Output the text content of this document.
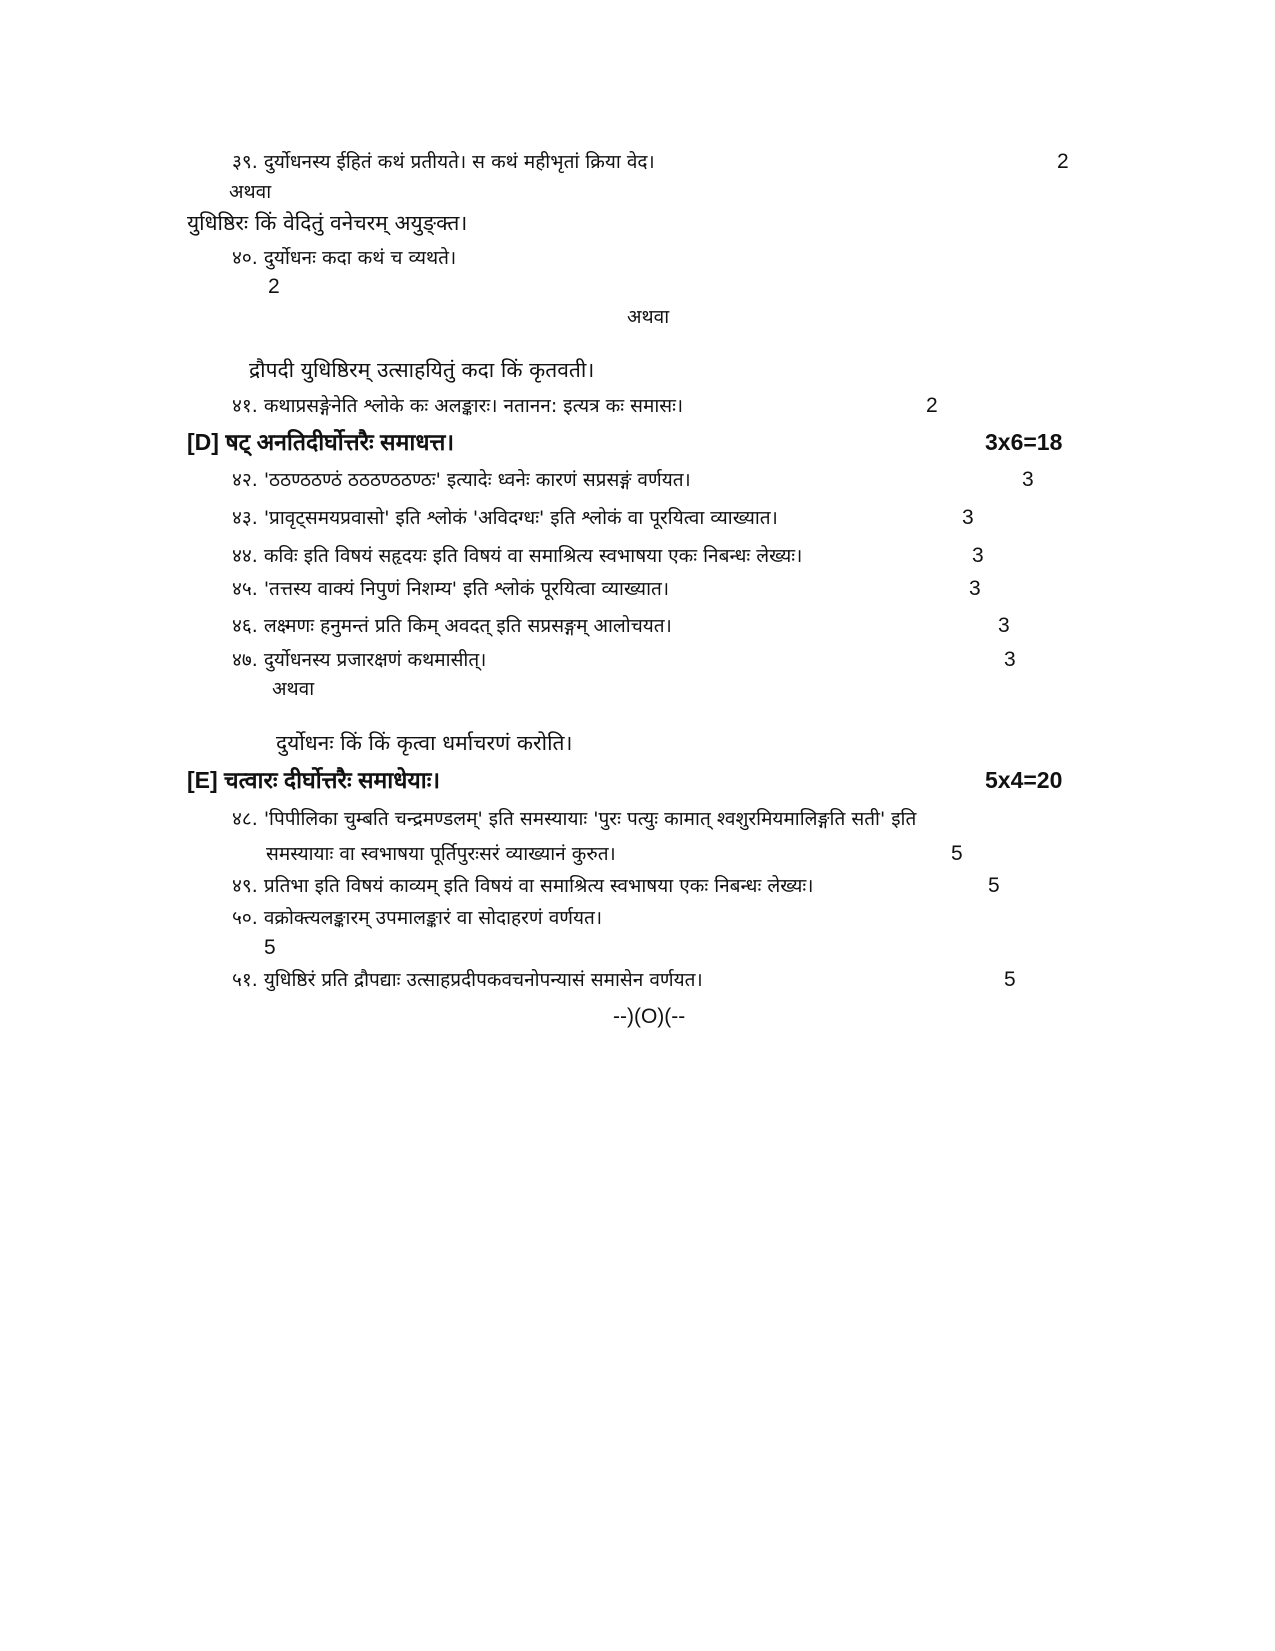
३९. दुर्योधनस्य ईहितं कथं प्रतीयते। स कथं महीभृतां क्रिया वेद।	2
अथवा
युधिष्ठिरः किं वेदितुं वनेचरम् अयुङ्क्त।
४०. दुर्योधनः कदा कथं च व्यथते।
2
अथवा
द्रौपदी युधिष्ठिरम् उत्साहयितुं कदा किं कृतवती।
४१. कथाप्रसङ्गेनेति श्लोके कः अलङ्कारः। नतानन: इत्यत्र कः समासः।	2
[D] षट् अनतिदीर्घोत्तरैः समाधत्त।	3x6=18
४२. 'ठठण्ठठण्ठं ठठठण्ठठण्ठः' इत्यादेः ध्वनेः कारणं सप्रसङ्गं वर्णयत।	3
४३. 'प्रावृट्समयप्रवासो' इति श्लोकं 'अविदग्धः' इति श्लोकं वा पूरयित्वा व्याख्यात।	3
४४. कविः इति विषयं सहृदयः इति विषयं वा समाश्रित्य स्वभाषया एकः निबन्धः लेख्यः।	3
४५. 'तत्तस्य वाक्यं निपुणं निशम्य' इति श्लोकं पूरयित्वा व्याख्यात।	3
४६. लक्ष्मणः हनुमन्तं प्रति किम् अवदत् इति सप्रसङ्गम् आलोचयत।	3
४७. दुर्योधनस्य प्रजारक्षणं कथमासीत्।	3
अथवा
दुर्योधनः किं किं कृत्वा धर्माचरणं करोति।
[E] चत्वारः दीर्घोत्तरैः समाधेयाः।	5x4=20
४८. 'पिपीलिका चुम्बति चन्द्रमण्डलम्' इति समस्यायाः 'पुरः पत्युः कामात् श्वशुरमियमालिङ्गति सती' इति
समस्यायाः वा स्वभाषया पूर्तिपुरःसरं व्याख्यानं कुरुत।	5
४९. प्रतिभा इति विषयं काव्यम् इति विषयं वा समाश्रित्य स्वभाषया एकः निबन्धः लेख्यः।	5
५०. वक्रोक्त्यलङ्कारम् उपमालङ्कारं वा सोदाहरणं वर्णयत।
5
५१. युधिष्ठिरं प्रति द्रौपद्याः उत्साहप्रदीपकवचनोपन्यासं समासेन वर्णयत।	5
--)(O)(--
